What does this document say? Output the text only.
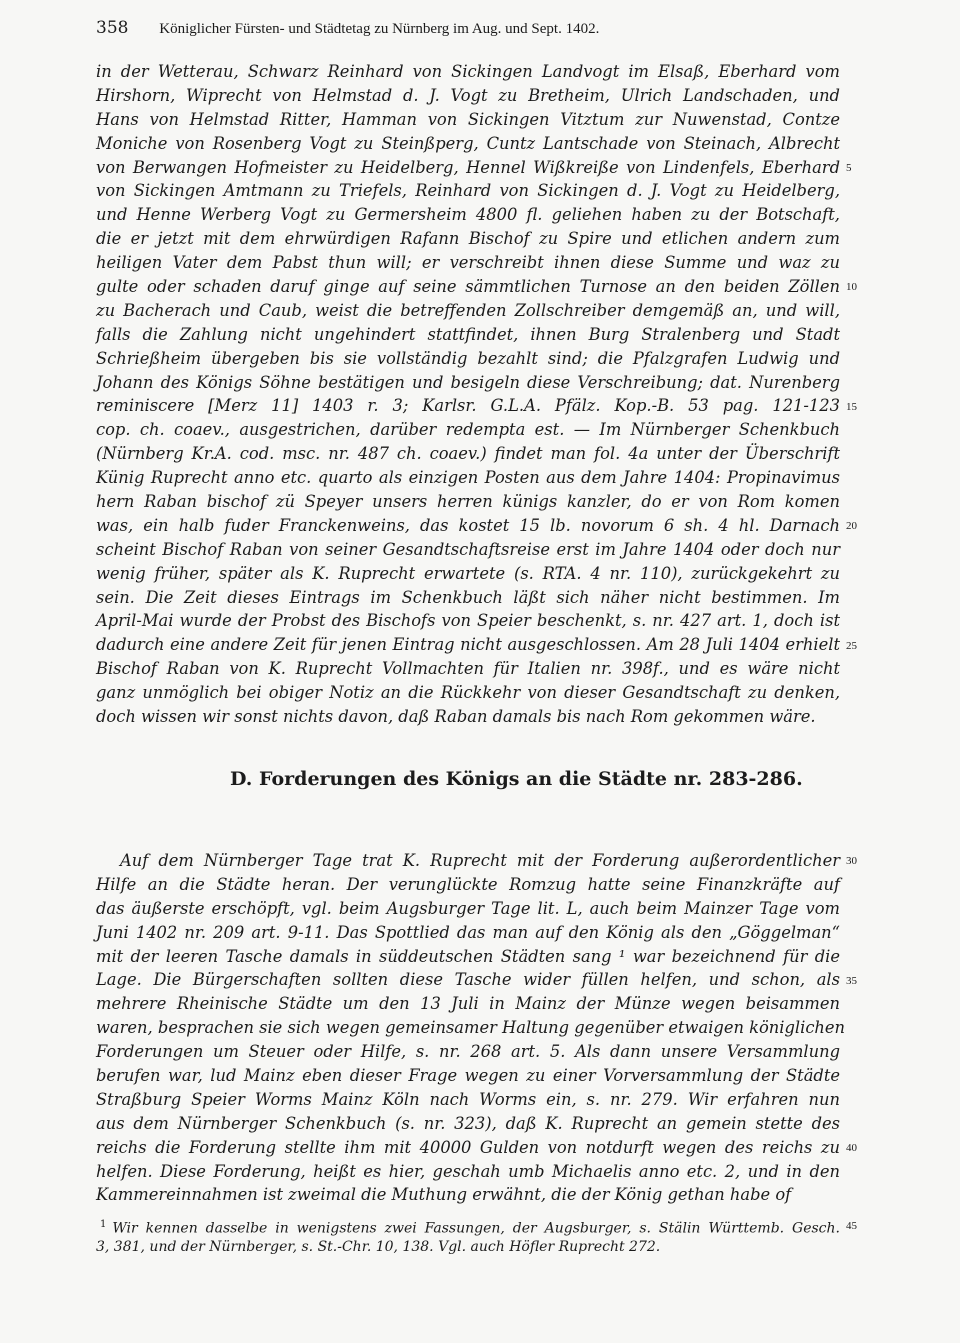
358 Königlicher Fürsten- und Städtetag zu Nürnberg im Aug. und Sept. 1402.
in der Wetterau, Schwarz Reinhard von Sickingen Landvogt im Elsaß, Eberhard vom
Hirshorn, Wiprecht von Helmstad d. J. Vogt zu Bretheim, Ulrich Landschaden, und
Hans von Helmstad Ritter, Hamman von Sickingen Vitztum zur Nuwenstad, Contze
Moniche von Rosenberg Vogt zu Steinßperg, Cuntz Lantschade von Steinach, Albrecht
von Berwangen Hofmeister zu Heidelberg, Hennel Wißkreiße von Lindenfels, Eberhard
von Sickingen Amtmann zu Triefels, Reinhard von Sickingen d. J. Vogt zu Heidelberg,
und Henne Werberg Vogt zu Germersheim 4800 fl. geliehen haben zu der Botschaft,
die er jetzt mit dem ehrwürdigen Rafann Bischof zu Spire und etlichen andern zum
heiligen Vater dem Pabst thun will; er verschreibt ihnen diese Summe und waz zu
gulte oder schaden daruf ginge auf seine sämmtlichen Turnose an den beiden Zöllen
zu Bacherach und Caub, weist die betreffenden Zollschreiber demgemäß an, und will,
falls die Zahlung nicht ungehindert stattfindet, ihnen Burg Stralenberg und Stadt
Schrießheim übergeben bis sie vollständig bezahlt sind; die Pfalzgrafen Ludwig und
Johann des Königs Söhne bestätigen und besigeln diese Verschreibung; dat. Nurenberg
reminiscere [Merz 11] 1403 r. 3; Karlsr. G.L.A. Pfälz. Kop.-B. 53 pag. 121-123
cop. ch. coaev., ausgestrichen, darüber redempta est. — Im Nürnberger Schenkbuch
(Nürnberg Kr.A. cod. msc. nr. 487 ch. coaev.) findet man fol. 4a unter der Überschrift
Künig Ruprecht anno etc. quarto als einzigen Posten aus dem Jahre 1404: Propinavimus
hern Raban bischof zü Speyer unsers herren künigs kanzler, do er von Rom komen
was, ein halb fuder Franckenweins, das kostet 15 lb. novorum 6 sh. 4 hl. Darnach
scheint Bischof Raban von seiner Gesandtschaftsreise erst im Jahre 1404 oder doch nur
wenig früher, später als K. Ruprecht erwartete (s. RTA. 4 nr. 110), zurückgekehrt zu
sein. Die Zeit dieses Eintrags im Schenkbuch läßt sich näher nicht bestimmen. Im
April-Mai wurde der Probst des Bischofs von Speier beschenkt, s. nr. 427 art. 1, doch ist
dadurch eine andere Zeit für jenen Eintrag nicht ausgeschlossen. Am 28 Juli 1404 erhielt
Bischof Raban von K. Ruprecht Vollmachten für Italien nr. 398f., und es wäre nicht
ganz unmöglich bei obiger Notiz an die Rückkehr von dieser Gesandtschaft zu denken,
doch wissen wir sonst nichts davon, daß Raban damals bis nach Rom gekommen wäre.
Auf dem Nürnberger Tage trat K. Ruprecht mit der Forderung außerordentlicher
Hilfe an die Städte heran. Der verunglückte Romzug hatte seine Finanzkräfte auf
das äußerste erschöpft, vgl. beim Augsburger Tage lit. L, auch beim Mainzer Tage vom
Juni 1402 nr. 209 art. 9-11. Das Spottlied das man auf den König als den „Göggelman“
mit der leeren Tasche damals in süddeutschen Städten sang ¹ war bezeichnend für die
Lage. Die Bürgerschaften sollten diese Tasche wider füllen helfen, und schon, als
mehrere Rheinische Städte um den 13 Juli in Mainz der Münze wegen beisammen
waren, besprachen sie sich wegen gemeinsamer Haltung gegenüber etwaigen königlichen
Forderungen um Steuer oder Hilfe, s. nr. 268 art. 5. Als dann unsere Versammlung
berufen war, lud Mainz eben dieser Frage wegen zu einer Vorversammlung der Städte
Straßburg Speier Worms Mainz Köln nach Worms ein, s. nr. 279. Wir erfahren nun
aus dem Nürnberger Schenkbuch (s. nr. 323), daß K. Ruprecht an gemein stette des
reichs die Forderung stellte ihm mit 40000 Gulden von notdurft wegen des reichs zu
helfen. Diese Forderung, heißt es hier, geschah umb Michaelis anno etc. 2, und in den
Kammereinnahmen ist zweimal die Muthung erwähnt, die der König gethan habe of
D. Forderungen des Königs an die Städte nr. 283-286.
5
10
15
20
25
30
35
40
45
$^1$ Wir kennen dasselbe in wenigstens zwei Fassungen, der Augsburger, s. Stälin Württemb. Gesch.
3, 381, und der Nürnberger, s. St.-Chr. 10, 138. Vgl. auch Höfler Ruprecht 272.
